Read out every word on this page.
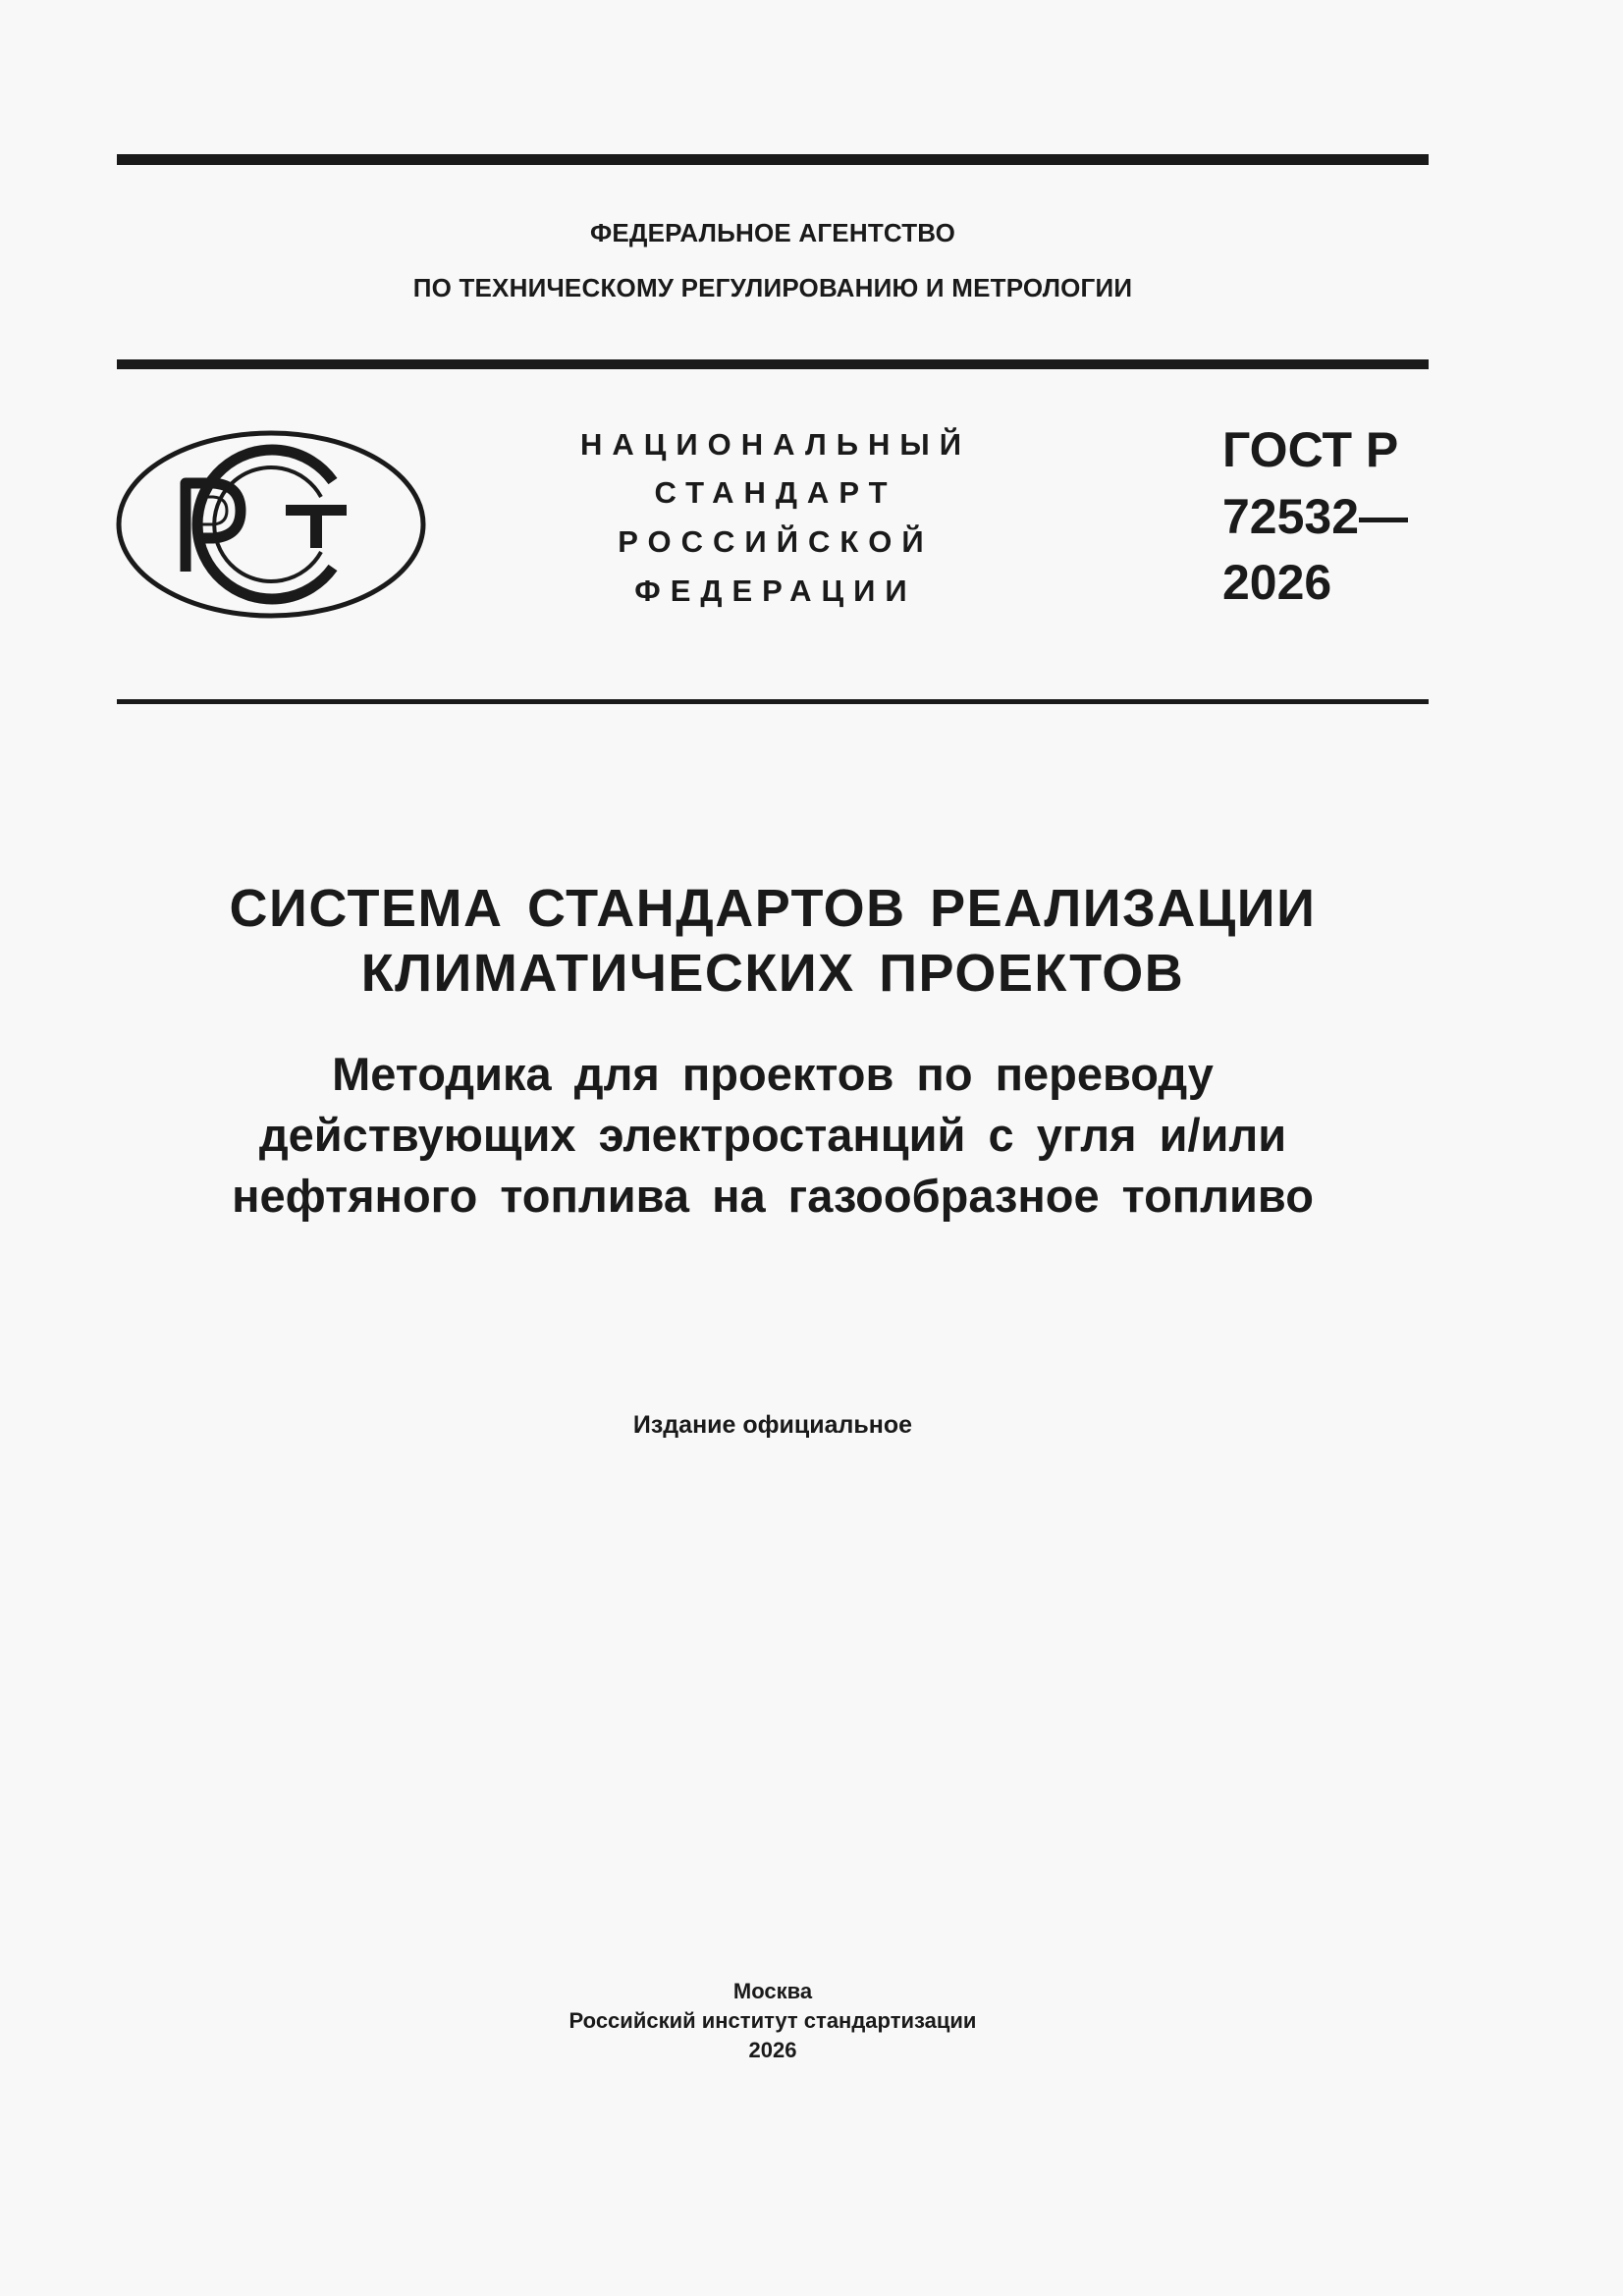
ФЕДЕРАЛЬНОЕ АГЕНТСТВО
ПО ТЕХНИЧЕСКОМУ РЕГУЛИРОВАНИЮ И МЕТРОЛОГИИ
НАЦИОНАЛЬНЫЙ
СТАНДАРТ
РОССИЙСКОЙ
ФЕДЕРАЦИИ
ГОСТ Р
72532—
2026
СИСТЕМА СТАНДАРТОВ РЕАЛИЗАЦИИ
КЛИМАТИЧЕСКИХ ПРОЕКТОВ
Методика для проектов по переводу
действующих электростанций с угля и/или
нефтяного топлива на газообразное топливо
Издание официальное
Москва
Российский институт стандартизации
2026
